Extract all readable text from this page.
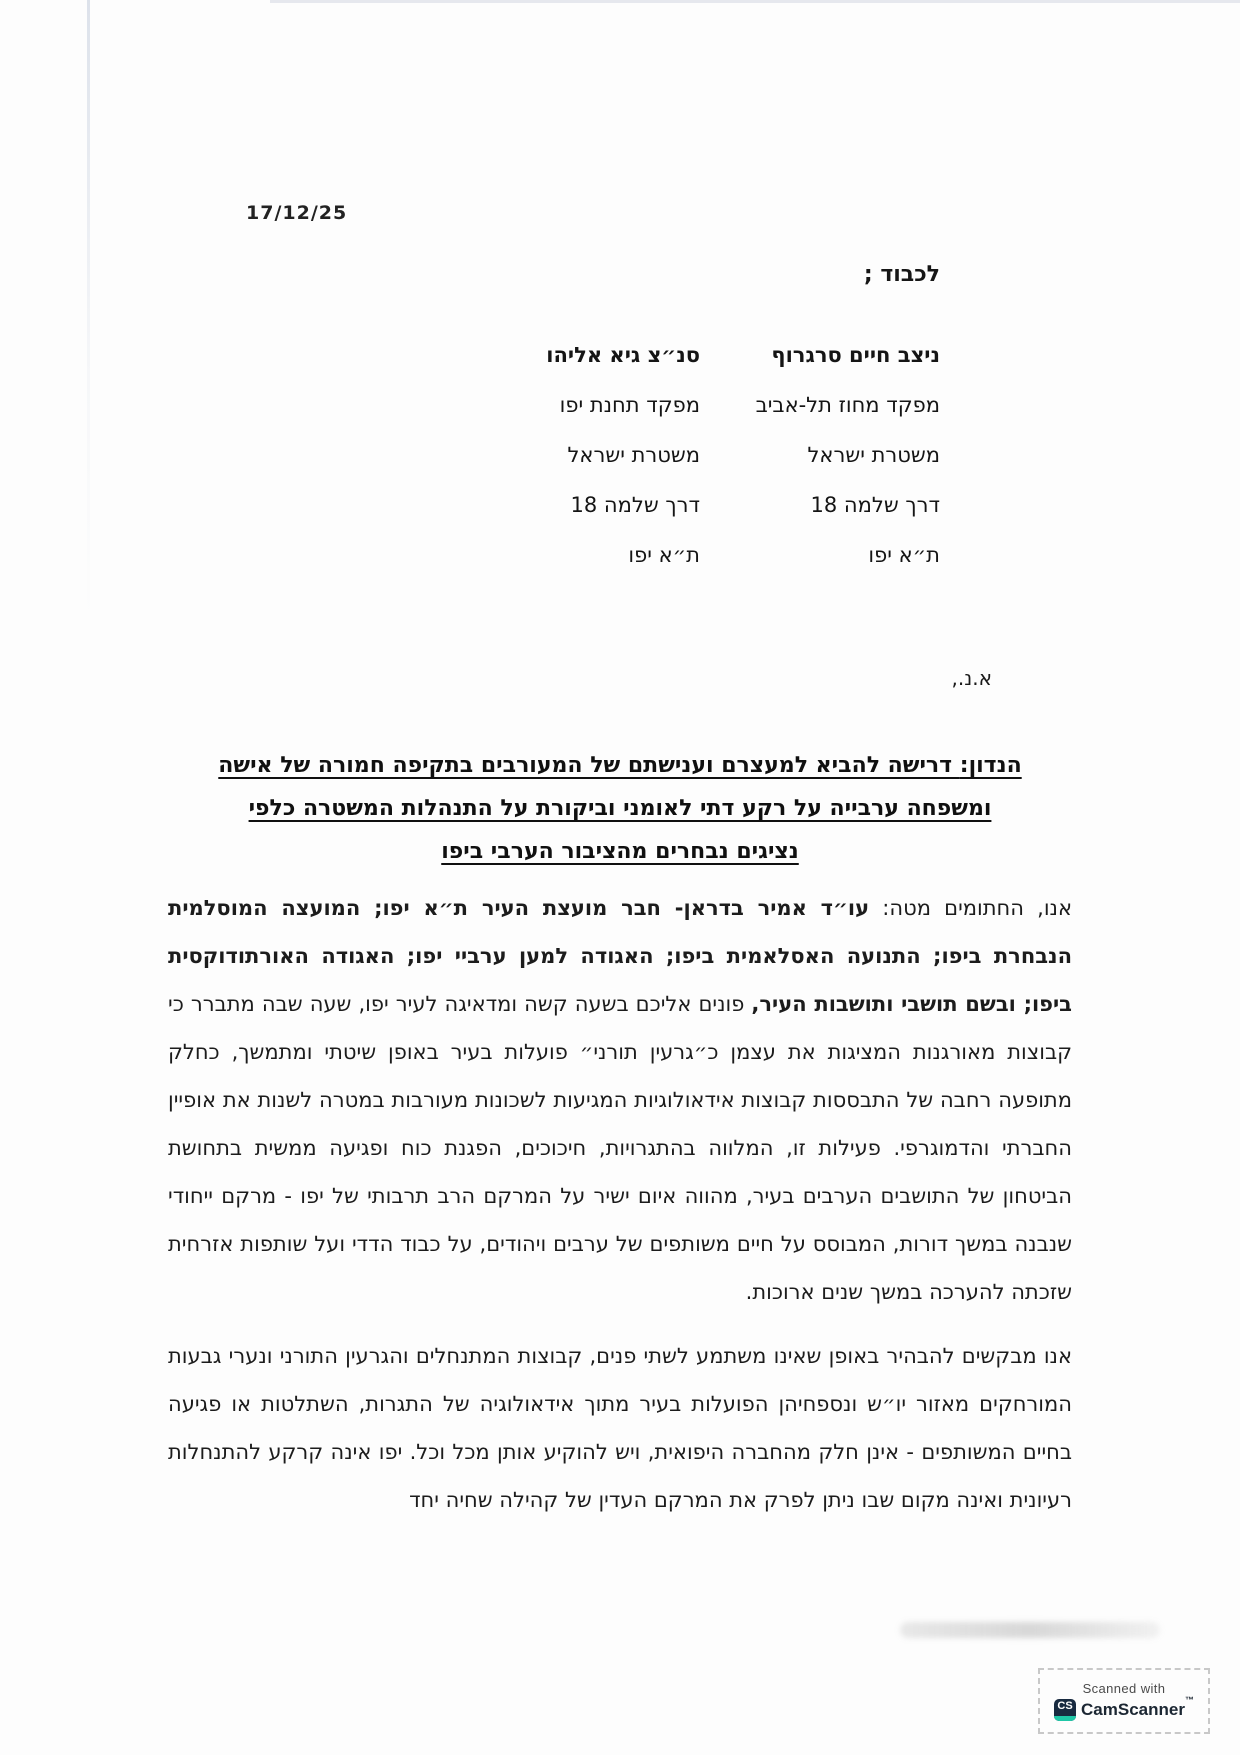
17/12/25
לכבוד ;
ניצב חיים סרגרוף
מפקד מחוז תל-אביב
משטרת ישראל
דרך שלמה 18
ת״א יפו
סנ״צ גיא אליהו
מפקד תחנת יפו
משטרת ישראל
דרך שלמה 18
ת״א יפו
א.נ.,
הנדון: דרישה להביא למעצרם וענישתם של המעורבים בתקיפה חמורה של אישה
ומשפחה ערבייה על רקע דתי לאומני וביקורת על התנהלות המשטרה כלפי
נציגים נבחרים מהציבור הערבי ביפו
אנו, החתומים מטה: עו״ד אמיר בדראן- חבר מועצת העיר ת״א יפו; המועצה המוסלמית הנבחרת ביפו; התנועה האסלאמית ביפו; האגודה למען ערביי יפו; האגודה האורתודוקסית ביפו; ובשם תושבי ותושבות העיר, פונים אליכם בשעה קשה ומדאיגה לעיר יפו, שעה שבה מתברר כי קבוצות מאורגנות המציגות את עצמן כ״גרעין תורני״ פועלות בעיר באופן שיטתי ומתמשך, כחלק מתופעה רחבה של התבססות קבוצות אידאולוגיות המגיעות לשכונות מעורבות במטרה לשנות את אופיין החברתי והדמוגרפי. פעילות זו, המלווה בהתגרויות, חיכוכים, הפגנת כוח ופגיעה ממשית בתחושת הביטחון של התושבים הערבים בעיר, מהווה איום ישיר על המרקם הרב תרבותי של יפו - מרקם ייחודי שנבנה במשך דורות, המבוסס על חיים משותפים של ערבים ויהודים, על כבוד הדדי ועל שותפות אזרחית שזכתה להערכה במשך שנים ארוכות.
אנו מבקשים להבהיר באופן שאינו משתמע לשתי פנים, קבוצות המתנחלים והגרעין התורני ונערי גבעות המורחקים מאזור יו״ש ונספחיהן הפועלות בעיר מתוך אידאולוגיה של התגרות, השתלטות או פגיעה בחיים המשותפים - אינן חלק מהחברה היפואית, ויש להוקיע אותן מכל וכל. יפו אינה קרקע להתנחלות רעיונית ואינה מקום שבו ניתן לפרק את המרקם העדין של קהילה שחיה יחד
Scanned with
CS CamScanner™
